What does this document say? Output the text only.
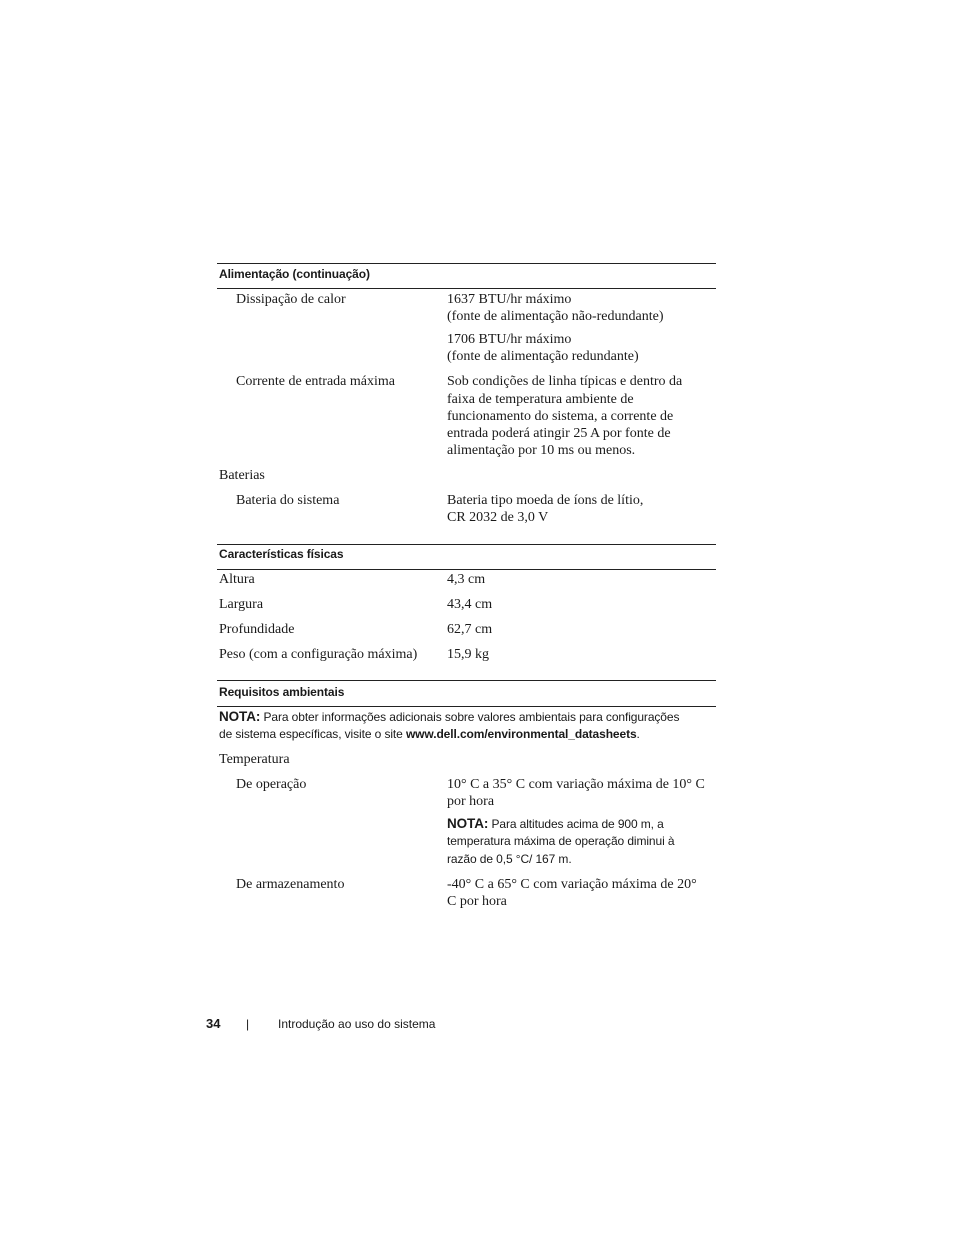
Alimentação (continuação)
Dissipação de calor	1637 BTU/hr máximo
(fonte de alimentação não-redundante)
1706 BTU/hr máximo
(fonte de alimentação redundante)
Corrente de entrada máxima	Sob condições de linha típicas e dentro da
faixa de temperatura ambiente de
funcionamento do sistema, a corrente de
entrada poderá atingir 25 A por fonte de
alimentação por 10 ms ou menos.
Baterias
Bateria do sistema	Bateria tipo moeda de íons de lítio,
CR 2032 de 3,0 V
Características físicas
Altura	4,3 cm
Largura	43,4 cm
Profundidade	62,7 cm
Peso (com a configuração máxima) 15,9 kg
Requisitos ambientais
NOTA: Para obter informações adicionais sobre valores ambientais para configurações
de sistema específicas, visite o site www.dell.com/environmental_datasheets.
Temperatura
De operação	10° C a 35° C com variação máxima de 10° C
por hora
NOTA: Para altitudes acima de 900 m, a
temperatura máxima de operação diminui à
razão de 0,5 °C/ 167 m.
De armazenamento	-40° C a 65° C com variação máxima de 20°
C por hora
34 | Introdução ao uso do sistema
